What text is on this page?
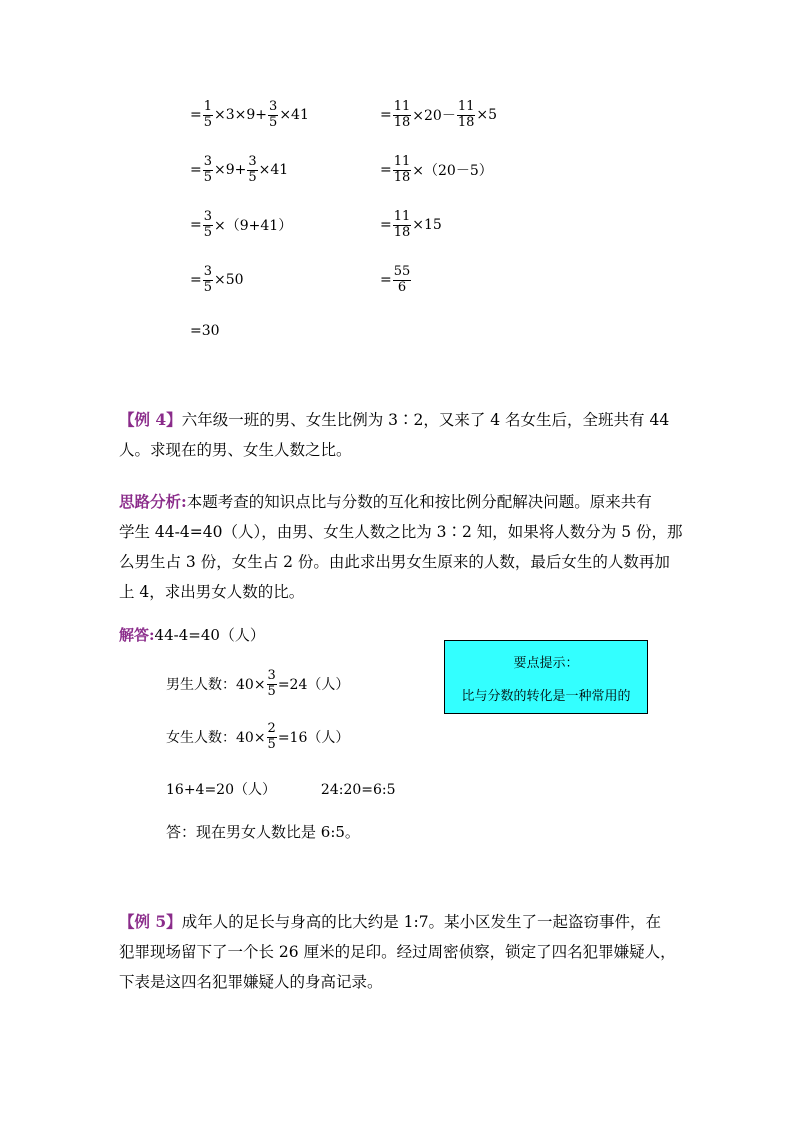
= $\frac{1}{5} \times 3\times 9+ \frac{3}{5} \times 41$
= $\frac{3}{5} \times 9+ \frac{3}{5} \times 41$
= $\frac{3}{5} \times(9+41)$
= $\frac{3}{5} \times 50$
=30
= $\frac{11}{18} \times 20- \frac{11}{18} \times 5$
= $\frac{11}{18} \times(20-5)$
= $\frac{11}{18} \times 15$
= $\frac{55}{6}$
【例 4】六年级一班的男、女生比例为 3∶2，又来了 4 名女生后，全班共有 44
人。求现在的男、女生人数之比。
思路分析:本题考查的知识点比与分数的互化和按比例分配解决问题。原来共有
学生 44-4=40（人），由男、女生人数之比为 3∶2 知，如果将人数分为 5 份，那
么男生占 3 份，女生占 2 份。由此求出男女生原来的人数，最后女生的人数再加
上 4，求出男女人数的比。
解答:44-4=40（人）
男生人数：$40\times \frac{3}{5} =24$（人）
女生人数：$40\times \frac{2}{5} =16$（人）
16+4=20（人）	24:20=6:5
答：现在男女人数比是 6:5。
要点提示：
比与分数的转化是一种常用的
【例 5】成年人的足长与身高的比大约是 1:7。某小区发生了一起盗窃事件，在
犯罪现场留下了一个长 26 厘米的足印。经过周密侦察，锁定了四名犯罪嫌疑人，
下表是这四名犯罪嫌疑人的身高记录。
